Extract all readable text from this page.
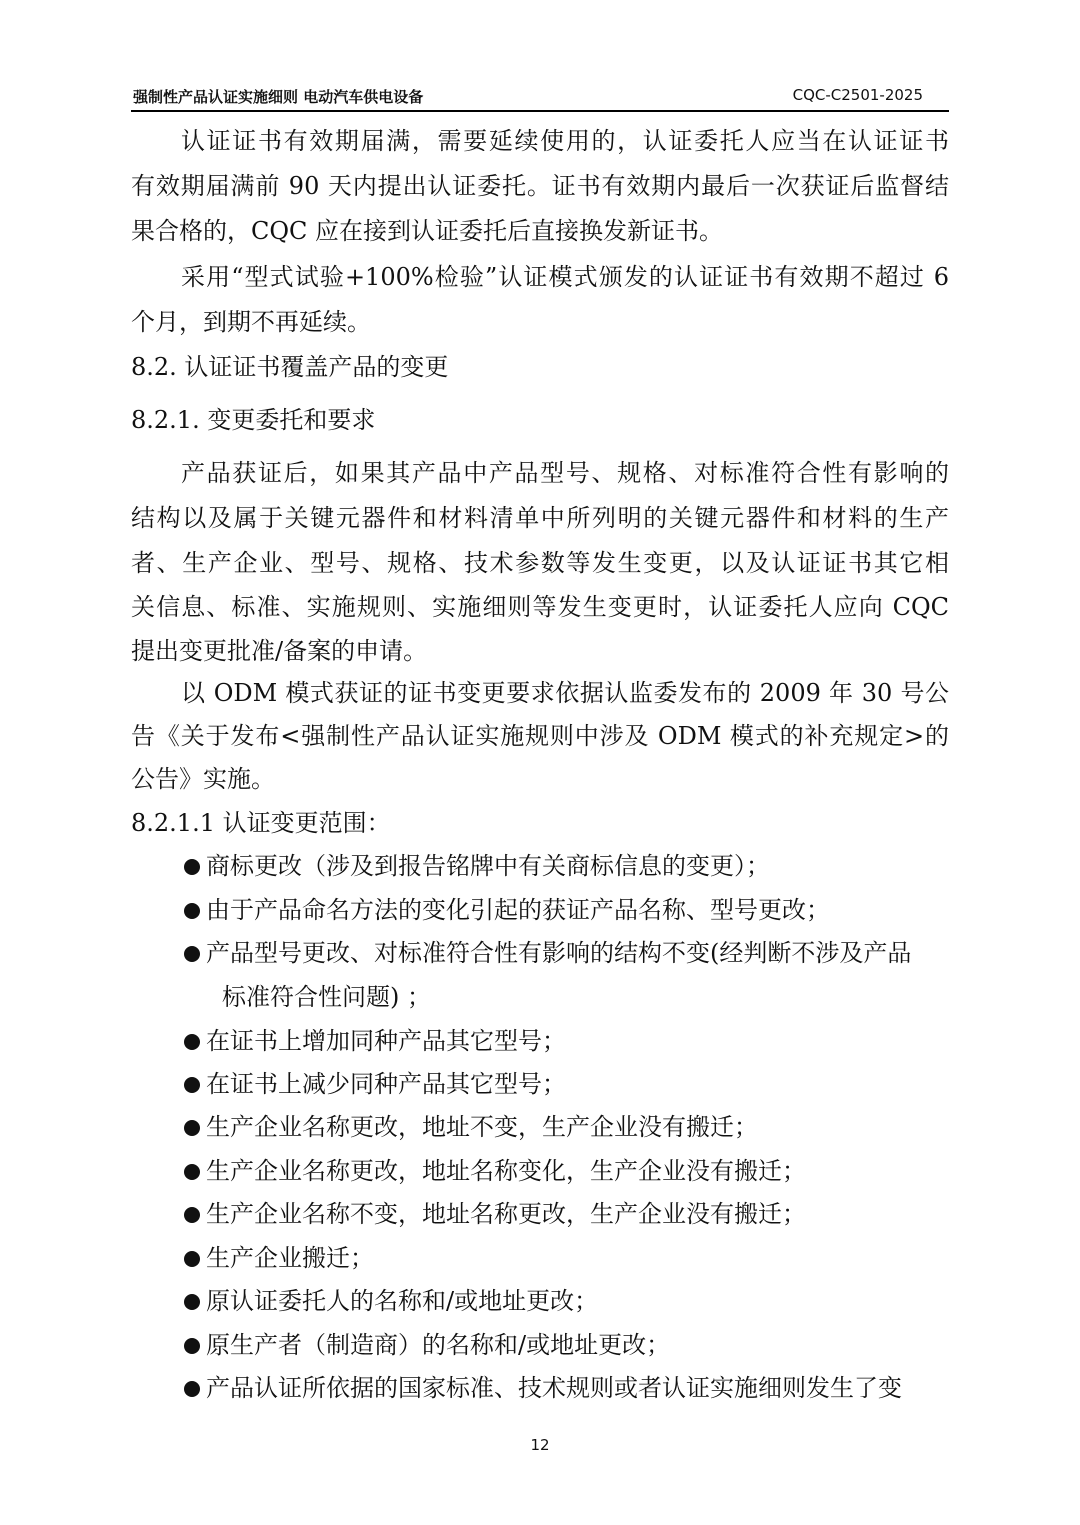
强制性产品认证实施细则 电动汽车供电设备	CQC-C2501-2025
认证证书有效期届满，需要延续使用的，认证委托人应当在认证证书
有效期届满前 90 天内提出认证委托。证书有效期内最后一次获证后监督结
果合格的，CQC 应在接到认证委托后直接换发新证书。
采用“型式试验+100%检验”认证模式颁发的认证证书有效期不超过 6
个月，到期不再延续。
8.2. 认证证书覆盖产品的变更
8.2.1. 变更委托和要求
产品获证后，如果其产品中产品型号、规格、对标准符合性有影响的
结构以及属于关键元器件和材料清单中所列明的关键元器件和材料的生产
者、生产企业、型号、规格、技术参数等发生变更，以及认证证书其它相
关信息、标准、实施规则、实施细则等发生变更时，认证委托人应向 CQC
提出变更批准/备案的申请。
以 ODM 模式获证的证书变更要求依据认监委发布的 2009 年 30 号公
告《关于发布<强制性产品认证实施规则中涉及 ODM 模式的补充规定>的
公告》实施。
8.2.1.1 认证变更范围：
商标更改（涉及到报告铭牌中有关商标信息的变更）；
由于产品命名方法的变化引起的获证产品名称、型号更改；
产品型号更改、对标准符合性有影响的结构不变(经判断不涉及产品
标准符合性问题) ；
在证书上增加同种产品其它型号；
在证书上减少同种产品其它型号；
生产企业名称更改，地址不变，生产企业没有搬迁；
生产企业名称更改，地址名称变化，生产企业没有搬迁；
生产企业名称不变，地址名称更改，生产企业没有搬迁；
生产企业搬迁；
原认证委托人的名称和/或地址更改；
原生产者（制造商）的名称和/或地址更改；
产品认证所依据的国家标准、技术规则或者认证实施细则发生了变
12
